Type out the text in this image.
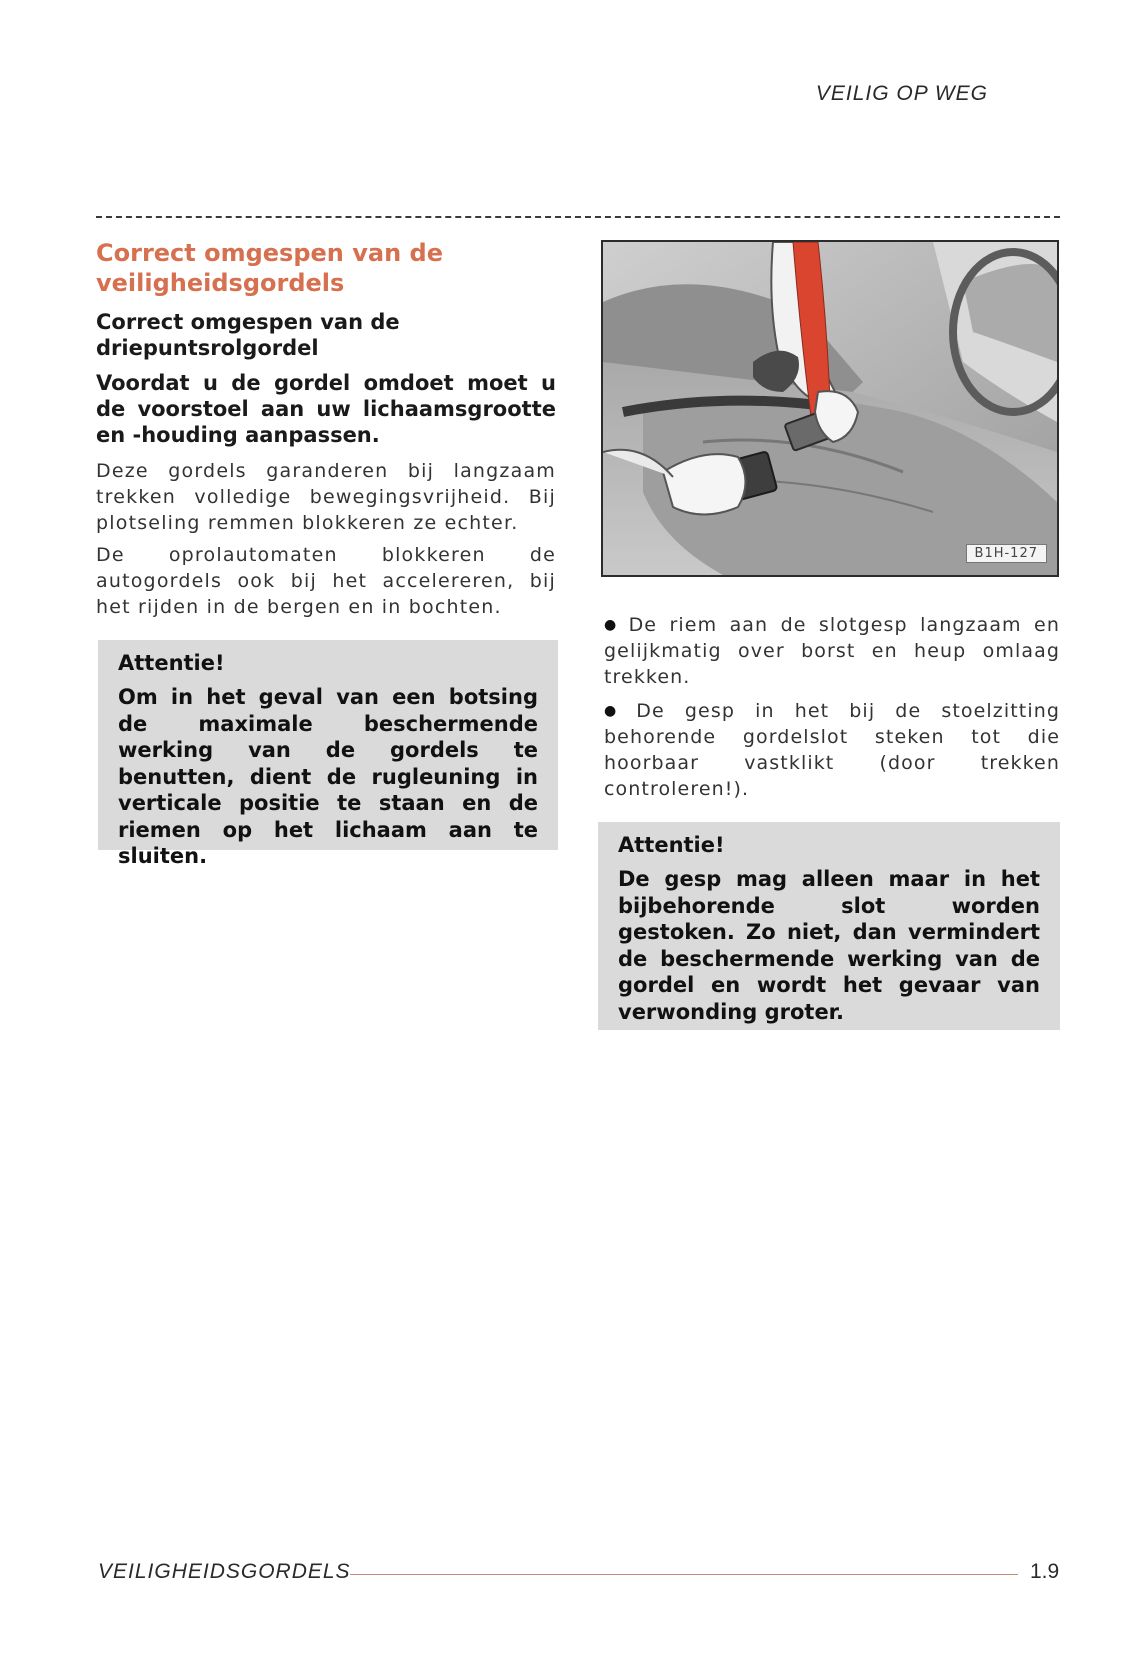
VEILIG OP WEG
Correct omgespen van de veiligheidsgordels
Correct omgespen van de driepuntsrolgordel
Voordat u de gordel omdoet moet u de voorstoel aan uw lichaamsgrootte en -houding aanpassen.
Deze gordels garanderen bij langzaam trekken volledige bewegingsvrijheid. Bij plotseling remmen blokkeren ze echter.
De oprolautomaten blokkeren de autogordels ook bij het accelereren, bij het rijden in de bergen en in bochten.
Attentie!
Om in het geval van een botsing de maximale beschermende werking van de gordels te benutten, dient de rugleuning in verticale positie te staan en de riemen op het lichaam aan te sluiten.
B1H-127
● De riem aan de slotgesp langzaam en gelijkmatig over borst en heup omlaag trekken.
● De gesp in het bij de stoelzitting behorende gordelslot steken tot die hoorbaar vastklikt (door trekken controleren!).
Attentie!
De gesp mag alleen maar in het bijbehorende slot worden gestoken. Zo niet, dan vermindert de beschermende werking van de gordel en wordt het gevaar van verwonding groter.
VEILIGHEIDSGORDELS	1.9
